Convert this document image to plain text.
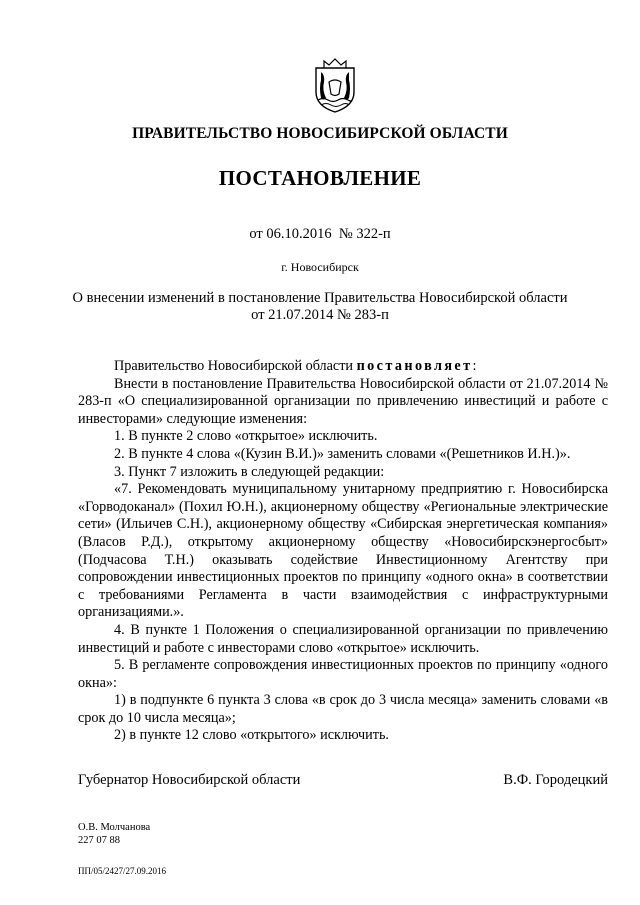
ПРАВИТЕЛЬСТВО НОВОСИБИРСКОЙ ОБЛАСТИ
ПОСТАНОВЛЕНИЕ
от 06.10.2016 № 322-п
г. Новосибирск
О внесении изменений в постановление Правительства Новосибирской области
от 21.07.2014 № 283-п

Правительство Новосибирской области постановляет:

Внести в постановление Правительства Новосибирской области от 21.07.2014 № 283-п «О специализированной организации по привлечению инвестиций и работе с инвесторами» следующие изменения:

1. В пункте 2 слово «открытое» исключить.

2. В пункте 4 слова «(Кузин В.И.)» заменить словами «(Решетников И.Н.)».

3. Пункт 7 изложить в следующей редакции:

«7. Рекомендовать муниципальному унитарному предприятию г. Новосибирска «Горводоканал» (Похил Ю.Н.), акционерному обществу «Региональные электрические сети» (Ильичев С.Н.), акционерному обществу «Сибирская энергетическая компания» (Власов Р.Д.), открытому акционерному обществу «Новосибирскэнергосбыт» (Подчасова Т.Н.) оказывать содействие Инвестиционному Агентству при сопровождении инвестиционных проектов по принципу «одного окна» в соответствии с требованиями Регламента в части взаимодействия с инфраструктурными организациями.».

4. В пункте 1 Положения о специализированной организации по привлечению инвестиций и работе с инвесторами слово «открытое» исключить.

5. В регламенте сопровождения инвестиционных проектов по принципу «одного окна»:

1) в подпункте 6 пункта 3 слова «в срок до 3 числа месяца» заменить словами «в срок до 10 числа месяца»;

2) в пункте 12 слово «открытого» исключить.

Губернатор Новосибирской области	В.Ф. Городецкий
О.В. Молчанова
227 07 88
ПП/05/2427/27.09.2016
